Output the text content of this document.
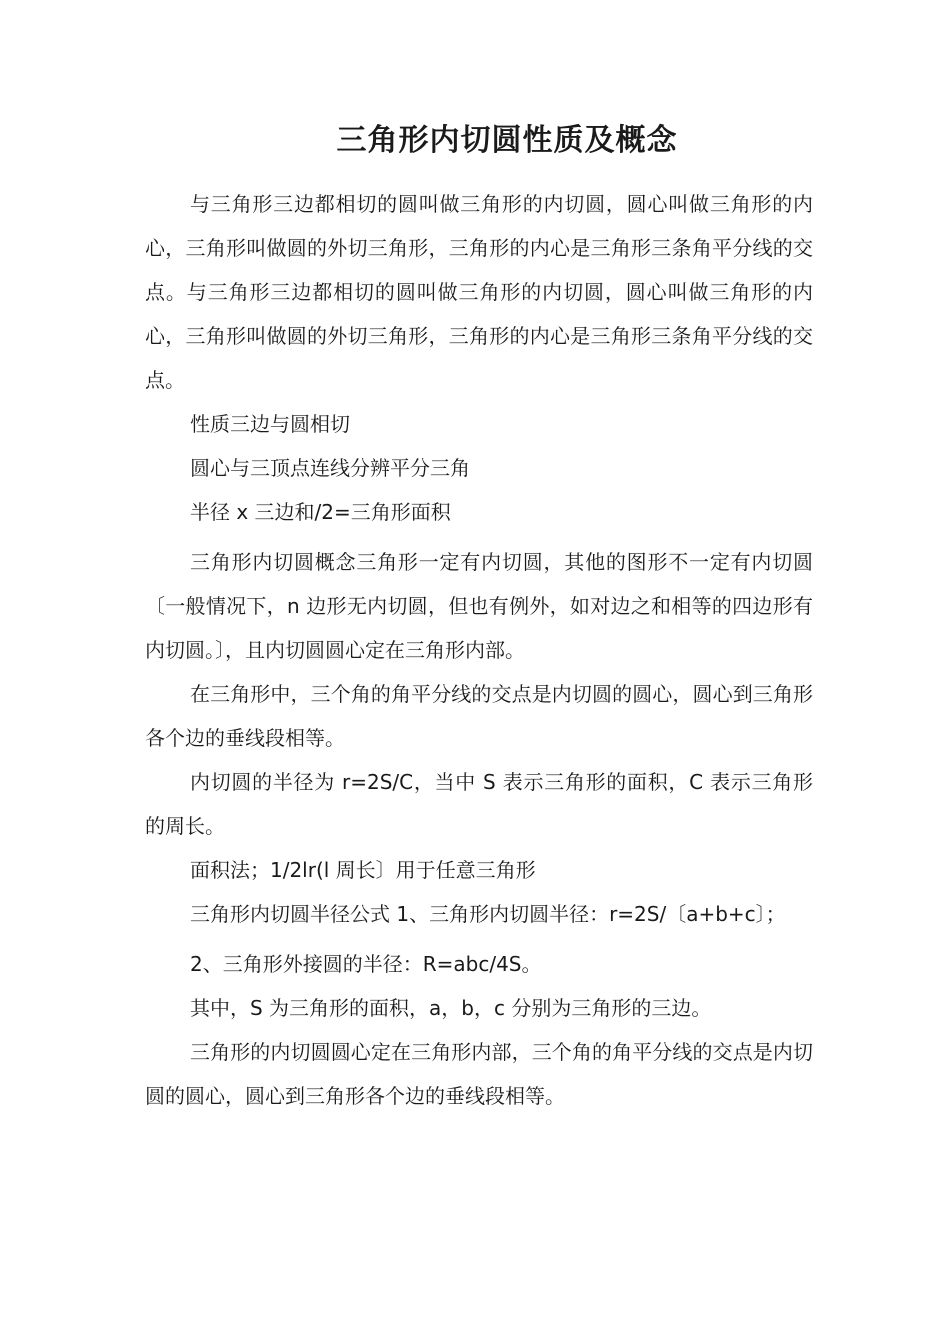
三角形内切圆性质及概念

与三角形三边都相切的圆叫做三角形的内切圆，圆心叫做三角形的内心，三角形叫做圆的外切三角形，三角形的内心是三角形三条角平分线的交点。与三角形三边都相切的圆叫做三角形的内切圆，圆心叫做三角形的内心，三角形叫做圆的外切三角形，三角形的内心是三角形三条角平分线的交点。

性质三边与圆相切

圆心与三顶点连线分辨平分三角

半径 x 三边和/2=三角形面积

三角形内切圆概念三角形一定有内切圆，其他的图形不一定有内切圆〔一般情况下，n 边形无内切圆，但也有例外，如对边之和相等的四边形有内切圆。〕，且内切圆圆心定在三角形内部。

在三角形中，三个角的角平分线的交点是内切圆的圆心，圆心到三角形各个边的垂线段相等。

内切圆的半径为 r=2S/C，当中 S 表示三角形的面积，C 表示三角形的周长。

面积法；1/2lr(l 周长〕用于任意三角形

三角形内切圆半径公式 1、三角形内切圆半径：r=2S/〔a+b+c〕；

2、三角形外接圆的半径：R=abc/4S。

其中，S 为三角形的面积，a，b，c 分别为三角形的三边。

三角形的内切圆圆心定在三角形内部，三个角的角平分线的交点是内切圆的圆心，圆心到三角形各个边的垂线段相等。
